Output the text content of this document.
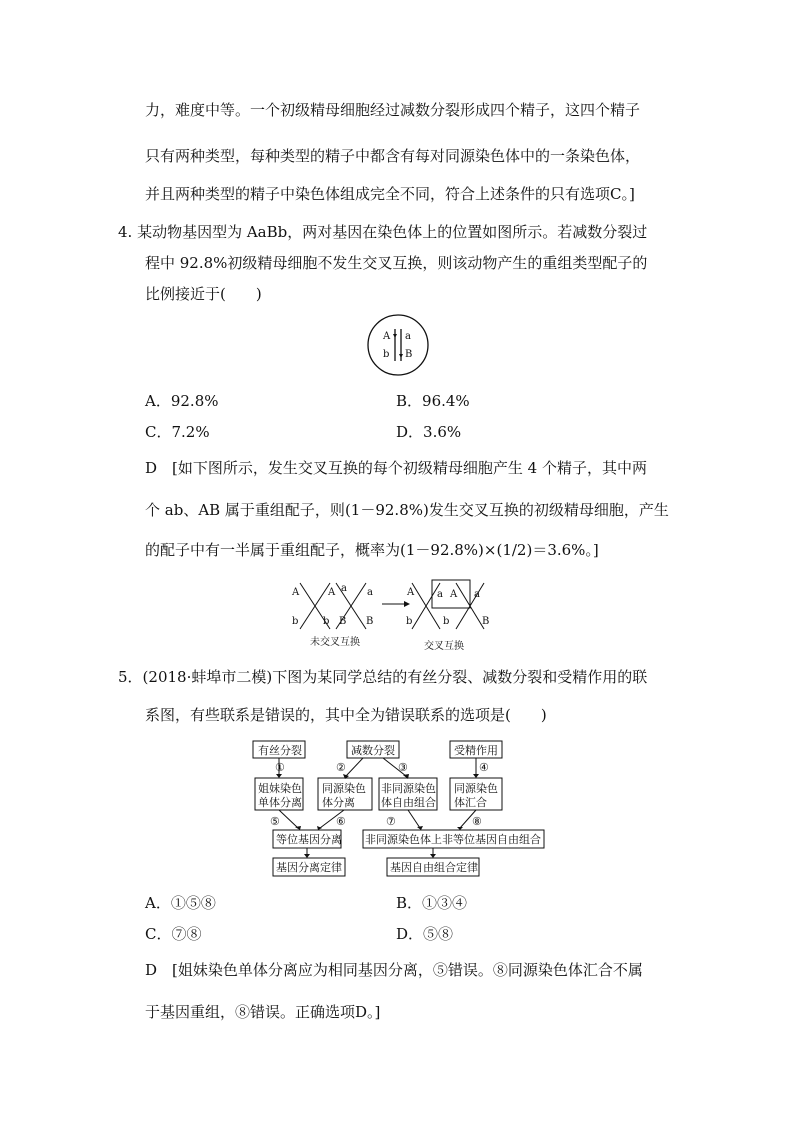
力，难度中等。一个初级精母细胞经过减数分裂形成四个精子，这四个精子
只有两种类型，每种类型的精子中都含有每对同源染色体中的一条染色体，
并且两种类型的精子中染色体组成完全不同，符合上述条件的只有选项C。]
4. 某动物基因型为 AaBb，两对基因在染色体上的位置如图所示。若减数分裂过
程中 92.8%初级精母细胞不发生交叉互换，则该动物产生的重组类型配子的
比例接近于(　　)
A a
b B
A．92.8%	B．96.4%
C．7.2%	D．3.6%
D　[如下图所示，发生交叉互换的每个初级精母细胞产生 4 个精子，其中两
个 ab、AB 属于重组配子，则(1－92.8%)发生交叉互换的初级精母细胞，产生
的配子中有一半属于重组配子，概率为(1－92.8%)×(1/2)＝3.6%。]
A
b
A
b
a
B
a
B
A
b
a A
b
a
B
未交叉互换	交叉互换
5．(2018·蚌埠市二模)下图为某同学总结的有丝分裂、减数分裂和受精作用的联
系图，有些联系是错误的，其中全为错误联系的选项是(　　)
有丝分裂	减数分裂	受精作用
姐妹染色
单体分离
同源染色
体分离
非同源染色
体自由组合
同源染色
体汇合
等位基因分离 非同源染色体上非等位基因自由组合
基因分离定律	基因自由组合定律
①	②	③	④
⑤	⑥	⑦	⑧
A．①⑤⑧	B．①③④
C．⑦⑧	D．⑤⑧
D　[姐妹染色单体分离应为相同基因分离，⑤错误。⑧同源染色体汇合不属
于基因重组，⑧错误。正确选项D。]
